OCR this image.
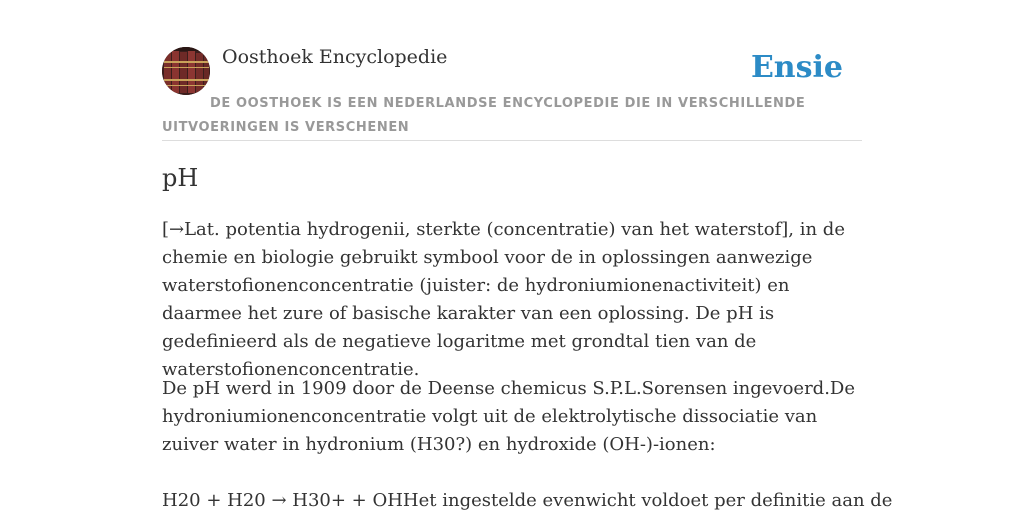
Oosthoek Encyclopedie	Ensie
DE OOSTHOEK IS EEN NEDERLANDSE ENCYCLOPEDIE DIE IN VERSCHILLENDE UITVOERINGEN IS VERSCHENEN
pH

[→Lat. potentia hydrogenii, sterkte (concentratie) van het waterstof], in de chemie en biologie gebruikt symbool voor de in oplossingen aanwezige waterstofionenconcentratie (juister: de hydroniumionenactiviteit) en daarmee het zure of basische karakter van een oplossing. De pH is gedefinieerd als de negatieve logaritme met grondtal tien van de waterstofionenconcentratie.

De pH werd in 1909 door de Deense chemicus S.P.L.Sorensen ingevoerd.De hydroniumionenconcentratie volgt uit de elektrolytische dissociatie van zuiver water in hydronium (H30?) en hydroxide (OH-)-ionen:

H20 + H20 → H30+ + OHHet ingestelde evenwicht voldoet per definitie aan de
